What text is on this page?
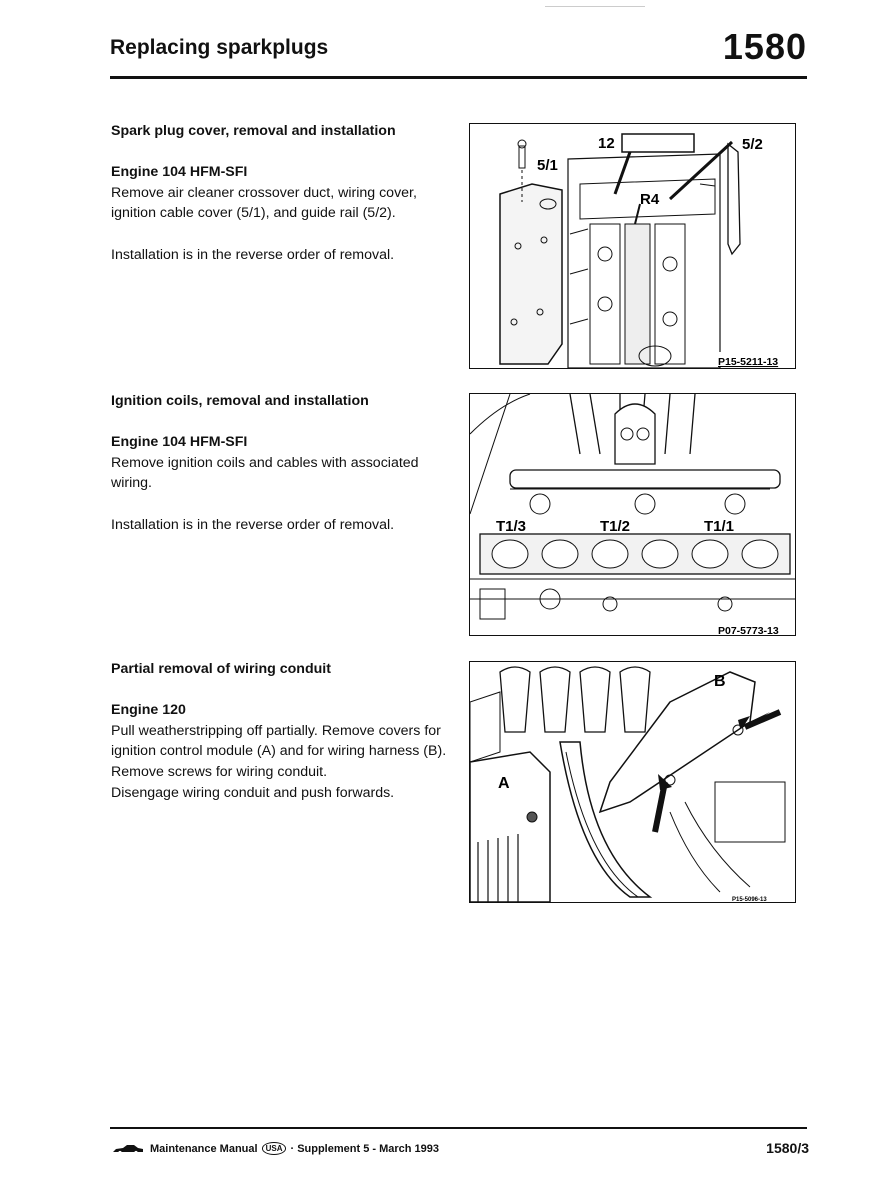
Replacing sparkplugs	1580
Spark plug cover, removal and installation
Engine 104 HFM-SFI

Remove air cleaner crossover duct, wiring cover, ignition cable cover (5/1), and guide rail (5/2).

Installation is in the reverse order of removal.

12
5/1
R4
5/2
P15-5211-13
Ignition coils, removal and installation
Engine 104 HFM-SFI

Remove ignition coils and cables with associated wiring.

Installation is in the reverse order of removal.	T1/3	T1/2	T1/1
P07-5773-13
Partial removal of wiring conduit
Engine 120

Pull weatherstripping off partially. Remove covers for ignition control module (A) and for wiring harness (B).

Remove screws for wiring conduit.

Disengage wiring conduit and push forwards.

A
B
P15-5096-13
Maintenance Manual	USA · Supplement 5 - March 1993	1580/3
